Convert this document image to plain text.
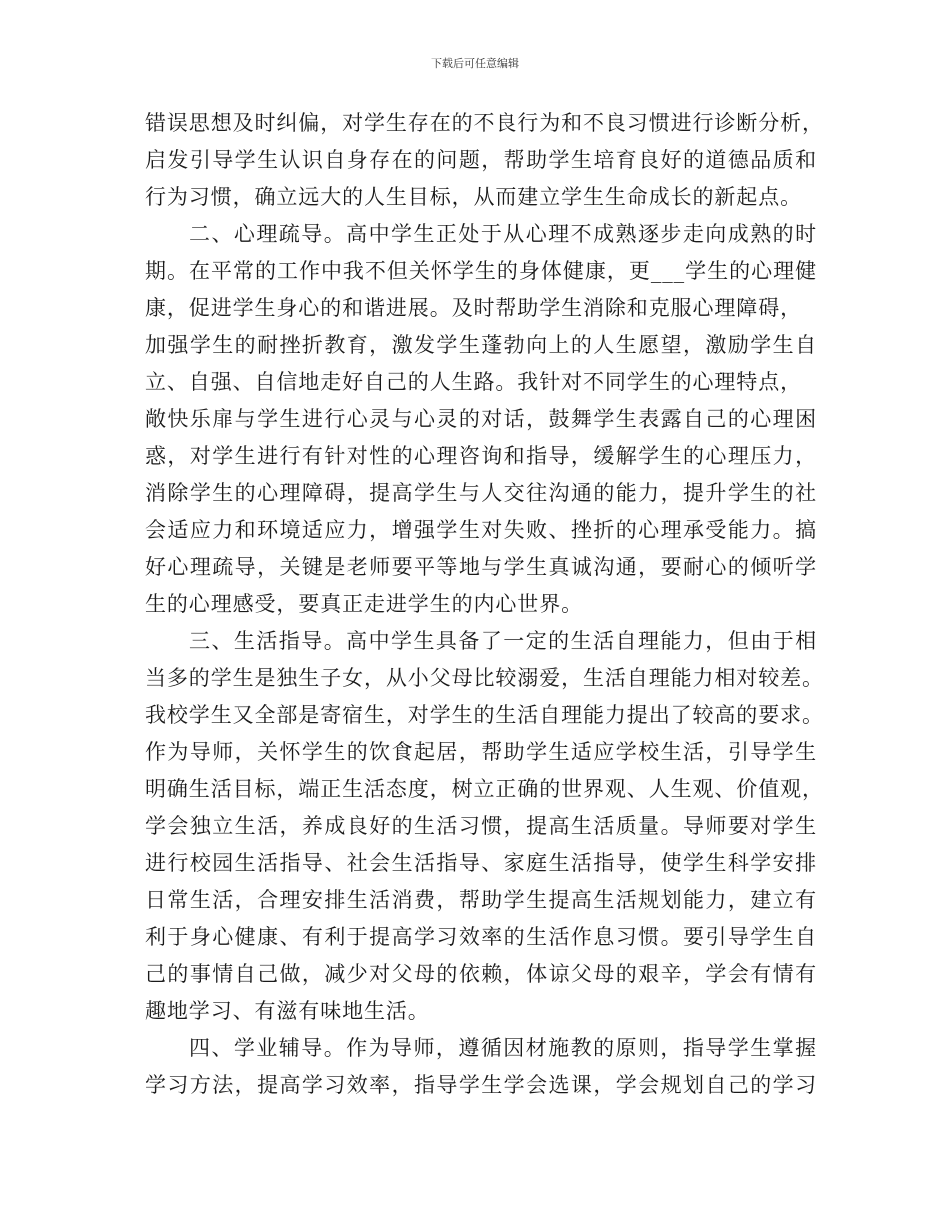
下载后可任意编辑
错误思想及时纠偏，对学生存在的不良行为和不良习惯进行诊断分析，
启发引导学生认识自身存在的问题，帮助学生培育良好的道德品质和
行为习惯，确立远大的人生目标，从而建立学生生命成长的新起点。
二、心理疏导。高中学生正处于从心理不成熟逐步走向成熟的时
期。在平常的工作中我不但关怀学生的身体健康，更___学生的心理健
康，促进学生身心的和谐进展。及时帮助学生消除和克服心理障碍，
加强学生的耐挫折教育，激发学生蓬勃向上的人生愿望，激励学生自
立、自强、自信地走好自己的人生路。我针对不同学生的心理特点，
敞快乐扉与学生进行心灵与心灵的对话，鼓舞学生表露自己的心理困
惑，对学生进行有针对性的心理咨询和指导，缓解学生的心理压力，
消除学生的心理障碍，提高学生与人交往沟通的能力，提升学生的社
会适应力和环境适应力，增强学生对失败、挫折的心理承受能力。搞
好心理疏导，关键是老师要平等地与学生真诚沟通，要耐心的倾听学
生的心理感受，要真正走进学生的内心世界。
三、生活指导。高中学生具备了一定的生活自理能力，但由于相
当多的学生是独生子女，从小父母比较溺爱，生活自理能力相对较差。
我校学生又全部是寄宿生，对学生的生活自理能力提出了较高的要求。
作为导师，关怀学生的饮食起居，帮助学生适应学校生活，引导学生
明确生活目标，端正生活态度，树立正确的世界观、人生观、价值观，
学会独立生活，养成良好的生活习惯，提高生活质量。导师要对学生
进行校园生活指导、社会生活指导、家庭生活指导，使学生科学安排
日常生活，合理安排生活消费，帮助学生提高生活规划能力，建立有
利于身心健康、有利于提高学习效率的生活作息习惯。要引导学生自
己的事情自己做，减少对父母的依赖，体谅父母的艰辛，学会有情有
趣地学习、有滋有味地生活。
四、学业辅导。作为导师，遵循因材施教的原则，指导学生掌握
学习方法，提高学习效率，指导学生学会选课，学会规划自己的学习
